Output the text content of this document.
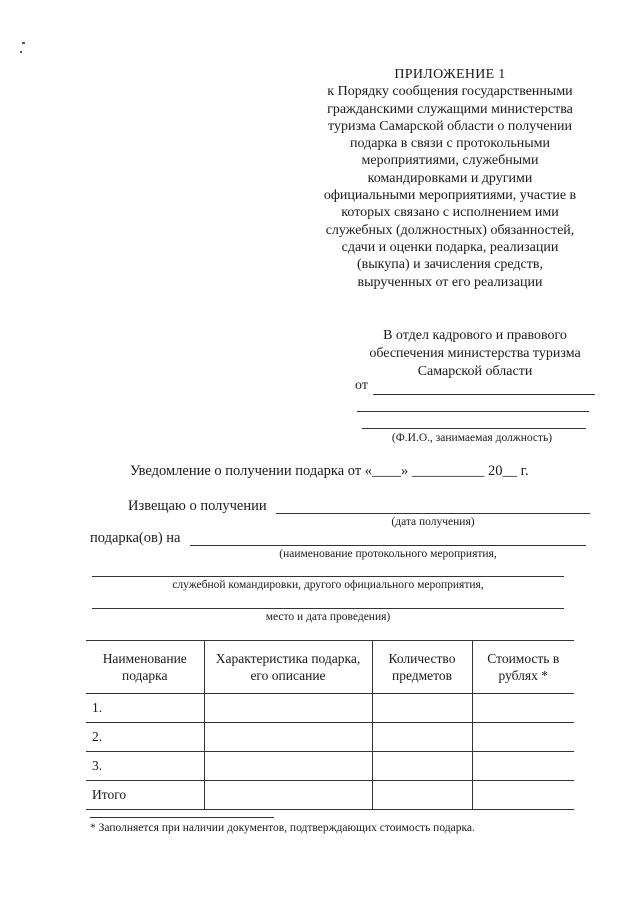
ПРИЛОЖЕНИЕ 1
к Порядку сообщения государственными
гражданскими служащими министерства
туризма Самарской области о получении
подарка в связи с протокольными
мероприятиями, служебными
командировками и другими
официальными мероприятиями, участие в
которых связано с исполнением ими
служебных (должностных) обязанностей,
сдачи и оценки подарка, реализации
(выкупа) и зачисления средств,
вырученных от его реализации
В отдел кадрового и правового
обеспечения министерства туризма
Самарской области
от
(Ф.И.О., занимаемая должность)
Уведомление о получении подарка от «____» __________ 20__ г.
Извещаю о получении
(дата получения)
подарка(ов) на
(наименование протокольного мероприятия,
служебной командировки, другого официального мероприятия,
место и дата проведения)
Наименование подарка	Характеристика подарка, его описание	Количество предметов	Стоимость в рублях *
1.			
2.			
3.			
Итого			
* Заполняется при наличии документов, подтверждающих стоимость подарка.
